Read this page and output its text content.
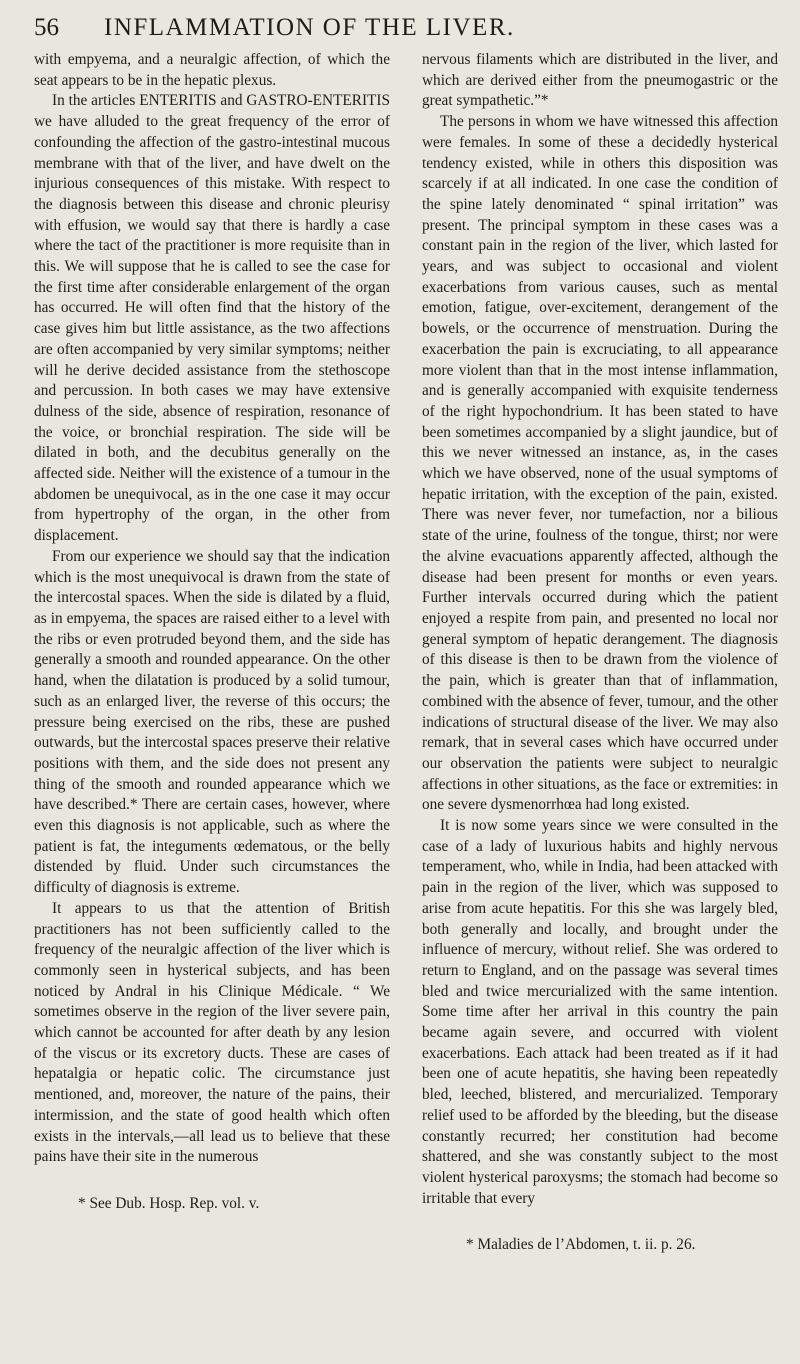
56	INFLAMMATION OF THE LIVER.

with empyema, and a neuralgic affection, of which the seat appears to be in the hepatic plexus.

In the articles ENTERITIS and GASTRO-ENTERITIS we have alluded to the great frequency of the error of confounding the affection of the gastro-intestinal mucous membrane with that of the liver, and have dwelt on the injurious consequences of this mistake. With respect to the diagnosis between this disease and chronic pleurisy with effusion, we would say that there is hardly a case where the tact of the practitioner is more requisite than in this. We will suppose that he is called to see the case for the first time after considerable enlargement of the organ has occurred. He will often find that the history of the case gives him but little assistance, as the two affections are often accompanied by very similar symptoms; neither will he derive decided assistance from the stethoscope and percussion. In both cases we may have extensive dulness of the side, absence of respiration, resonance of the voice, or bronchial respiration. The side will be dilated in both, and the decubitus generally on the affected side. Neither will the existence of a tumour in the abdomen be unequivocal, as in the one case it may occur from hypertrophy of the organ, in the other from displacement.

From our experience we should say that the indication which is the most unequivocal is drawn from the state of the intercostal spaces. When the side is dilated by a fluid, as in empyema, the spaces are raised either to a level with the ribs or even protruded beyond them, and the side has generally a smooth and rounded appearance. On the other hand, when the dilatation is produced by a solid tumour, such as an enlarged liver, the reverse of this occurs; the pressure being exercised on the ribs, these are pushed outwards, but the intercostal spaces preserve their relative positions with them, and the side does not present any thing of the smooth and rounded appearance which we have described.* There are certain cases, however, where even this diagnosis is not applicable, such as where the patient is fat, the integuments œdematous, or the belly distended by fluid. Under such circumstances the difficulty of diagnosis is extreme.

It appears to us that the attention of British practitioners has not been sufficiently called to the frequency of the neuralgic affection of the liver which is commonly seen in hysterical subjects, and has been noticed by Andral in his Clinique Médicale. “ We sometimes observe in the region of the liver severe pain, which cannot be accounted for after death by any lesion of the viscus or its excretory ducts. These are cases of hepatalgia or hepatic colic. The circumstance just mentioned, and, moreover, the nature of the pains, their intermission, and the state of good health which often exists in the intervals,—all lead us to believe that these pains have their site in the numerous

* See Dub. Hosp. Rep. vol. v.

nervous filaments which are distributed in the liver, and which are derived either from the pneumogastric or the great sympathetic.”*

The persons in whom we have witnessed this affection were females. In some of these a decidedly hysterical tendency existed, while in others this disposition was scarcely if at all indicated. In one case the condition of the spine lately denominated “ spinal irritation” was present. The principal symptom in these cases was a constant pain in the region of the liver, which lasted for years, and was subject to occasional and violent exacerbations from various causes, such as mental emotion, fatigue, over-excitement, derangement of the bowels, or the occurrence of menstruation. During the exacerbation the pain is excruciating, to all appearance more violent than that in the most intense inflammation, and is generally accompanied with exquisite tenderness of the right hypochondrium. It has been stated to have been sometimes accompanied by a slight jaundice, but of this we never witnessed an instance, as, in the cases which we have observed, none of the usual symptoms of hepatic irritation, with the exception of the pain, existed. There was never fever, nor tumefaction, nor a bilious state of the urine, foulness of the tongue, thirst; nor were the alvine evacuations apparently affected, although the disease had been present for months or even years. Further intervals occurred during which the patient enjoyed a respite from pain, and presented no local nor general symptom of hepatic derangement. The diagnosis of this disease is then to be drawn from the violence of the pain, which is greater than that of inflammation, combined with the absence of fever, tumour, and the other indications of structural disease of the liver. We may also remark, that in several cases which have occurred under our observation the patients were subject to neuralgic affections in other situations, as the face or extremities: in one severe dysmenorrhœa had long existed.

It is now some years since we were consulted in the case of a lady of luxurious habits and highly nervous temperament, who, while in India, had been attacked with pain in the region of the liver, which was supposed to arise from acute hepatitis. For this she was largely bled, both generally and locally, and brought under the influence of mercury, without relief. She was ordered to return to England, and on the passage was several times bled and twice mercurialized with the same intention. Some time after her arrival in this country the pain became again severe, and occurred with violent exacerbations. Each attack had been treated as if it had been one of acute hepatitis, she having been repeatedly bled, leeched, blistered, and mercurialized. Temporary relief used to be afforded by the bleeding, but the disease constantly recurred; her constitution had become shattered, and she was constantly subject to the most violent hysterical paroxysms; the stomach had become so irritable that every

* Maladies de l’Abdomen, t. ii. p. 26.
